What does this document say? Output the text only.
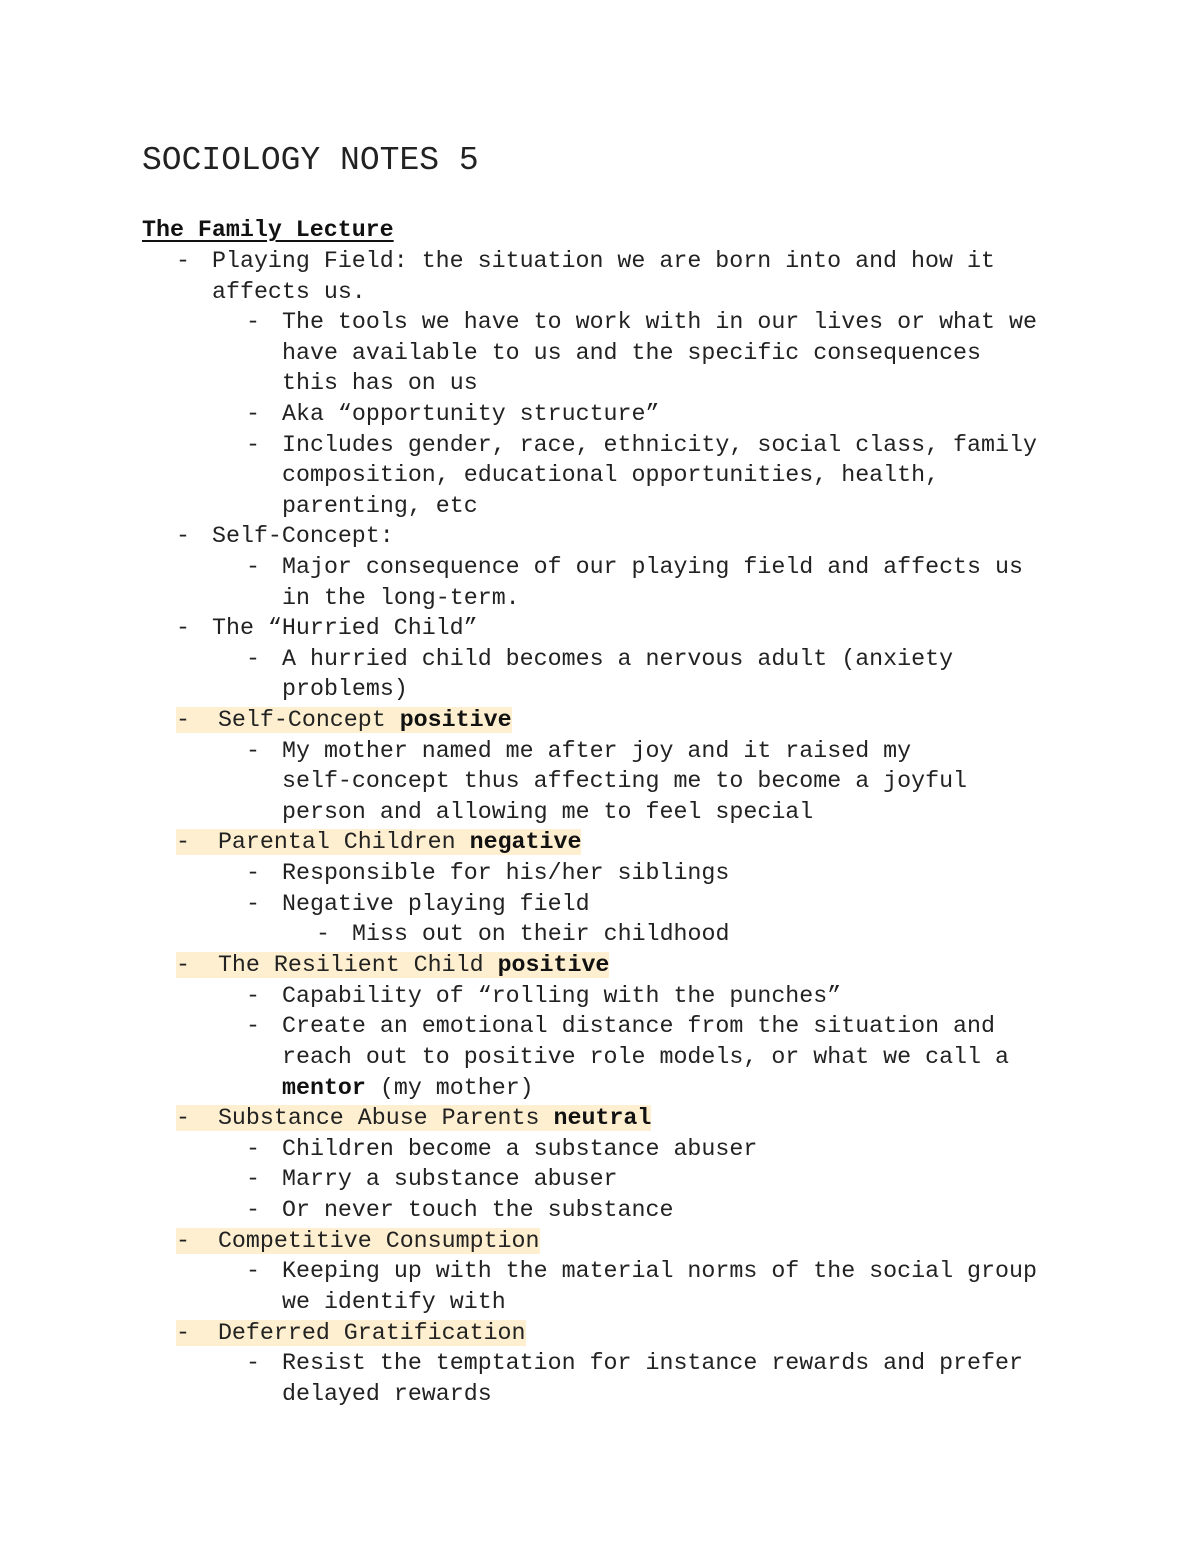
SOCIOLOGY NOTES 5
The Family Lecture
- Playing Field: the situation we are born into and how it
affects us.
- The tools we have to work with in our lives or what we
have available to us and the specific consequences
this has on us
- Aka “opportunity structure”
- Includes gender, race, ethnicity, social class, family
composition, educational opportunities, health,
parenting, etc
- Self-Concept:
- Major consequence of our playing field and affects us
in the long-term.
- The “Hurried Child”
- A hurried child becomes a nervous adult (anxiety
problems)
- Self-Concept positive
- My mother named me after joy and it raised my
self-concept thus affecting me to become a joyful
person and allowing me to feel special
- Parental Children negative
- Responsible for his/her siblings
- Negative playing field
- Miss out on their childhood
- The Resilient Child positive
- Capability of “rolling with the punches”
- Create an emotional distance from the situation and
reach out to positive role models, or what we call a
mentor (my mother)
- Substance Abuse Parents neutral
- Children become a substance abuser
- Marry a substance abuser
- Or never touch the substance
- Competitive Consumption
- Keeping up with the material norms of the social group
we identify with
- Deferred Gratification
- Resist the temptation for instance rewards and prefer
delayed rewards
